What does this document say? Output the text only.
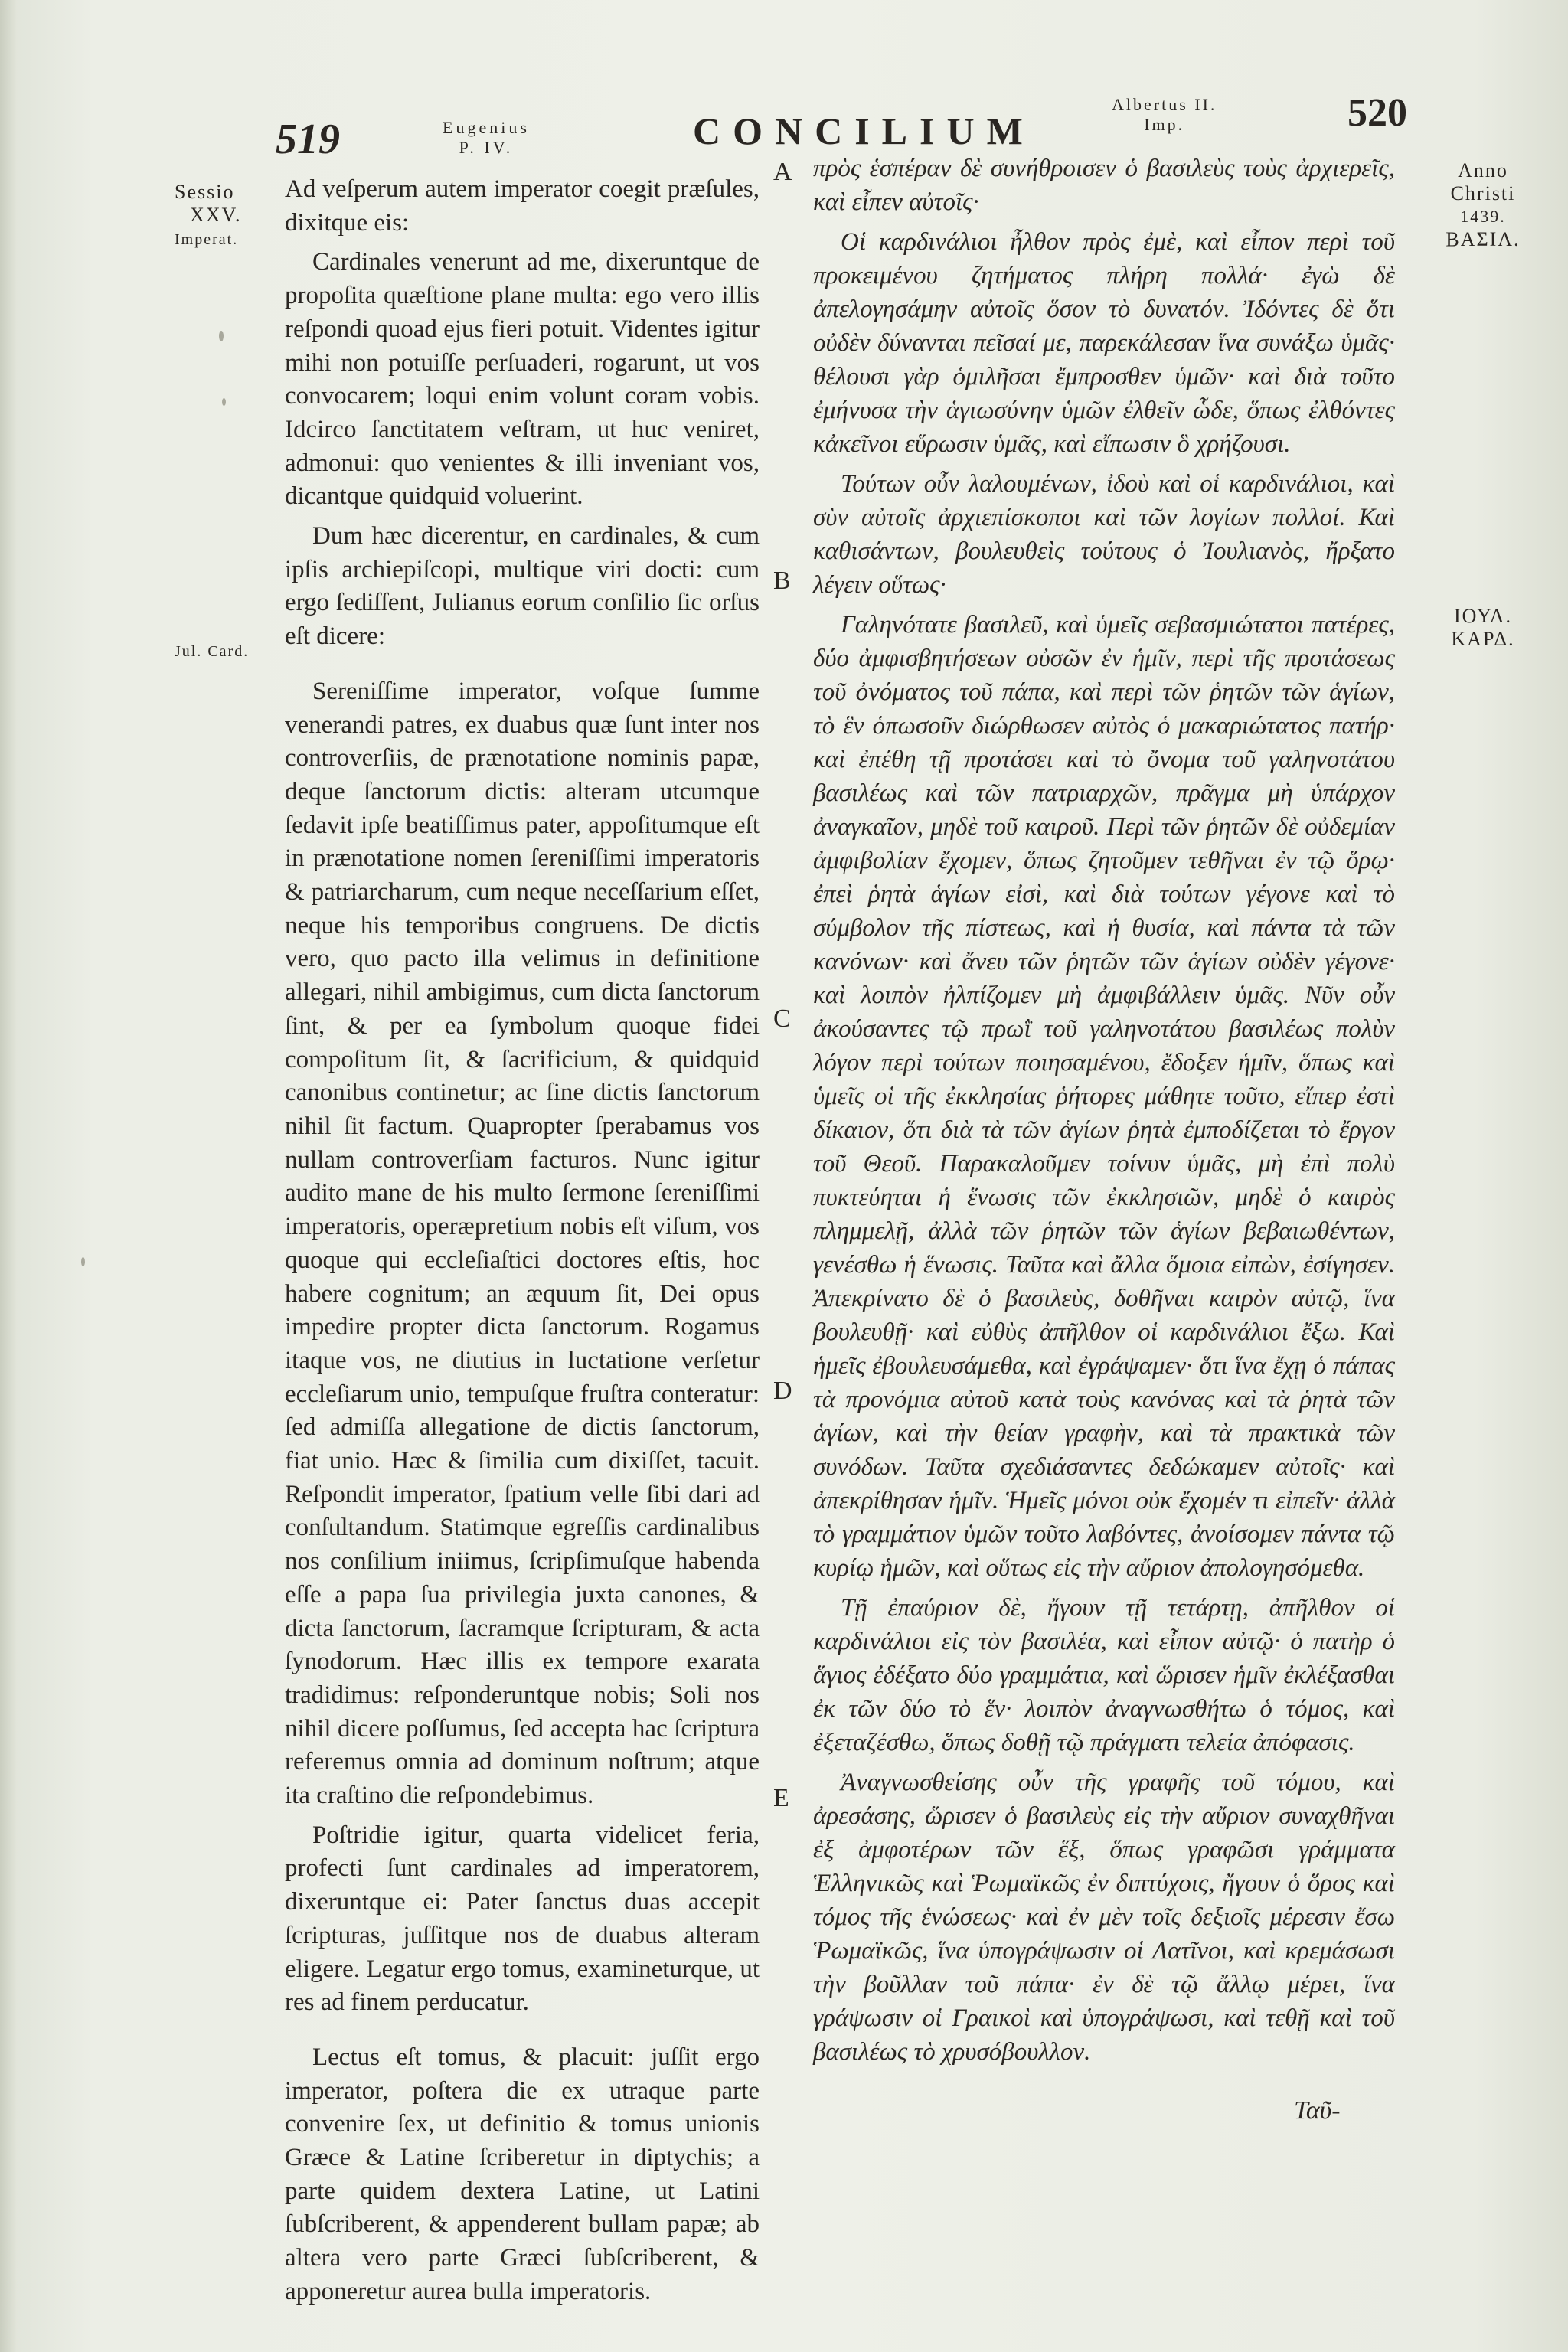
519	Eugenius
P. IV.	CONCILIUM
Albertus II.
Imp.	520
Sessio
XXV.
Imperat.
Jul. Card.
Anno
Christi
1439.
ΒΑΣΙΛ.
ΙΟΥΛ.
ΚΑΡΔ.
A
B
C
D
E

Ad veſperum autem imperator coegit præſules, dixitque eis:

Cardinales venerunt ad me, dixeruntque de propoſita quæſtione plane multa: ego vero illis reſpondi quoad ejus fieri potuit. Videntes igitur mihi non potuiſſe perſuaderi, rogarunt, ut vos convocarem; loqui enim volunt coram vobis. Idcirco ſanctitatem veſtram, ut huc veniret, admonui: quo venientes & illi inveniant vos, dicantque quidquid voluerint.

Dum hæc dicerentur, en cardinales, & cum ipſis archiepiſcopi, multique viri docti: cum ergo ſediſſent, Julianus eorum conſilio ſic orſus eſt dicere:

Sereniſſime imperator, voſque ſumme venerandi patres, ex duabus quæ ſunt inter nos controverſiis, de prænotatione nominis papæ, deque ſanctorum dictis: alteram utcumque ſedavit ipſe beatiſſimus pater, appoſitumque eſt in prænotatione nomen ſereniſſimi imperatoris & patriarcharum, cum neque neceſſarium eſſet, neque his temporibus congruens. De dictis vero, quo pacto illa velimus in definitione allegari, nihil ambigimus, cum dicta ſanctorum ſint, & per ea ſymbolum quoque fidei compoſitum ſit, & ſacrificium, & quidquid canonibus continetur; ac ſine dictis ſanctorum nihil ſit factum. Quapropter ſperabamus vos nullam controverſiam facturos. Nunc igitur audito mane de his multo ſermone ſereniſſimi imperatoris, operæpretium nobis eſt viſum, vos quoque qui eccleſiaſtici doctores eſtis, hoc habere cognitum; an æquum ſit, Dei opus impedire propter dicta ſanctorum. Rogamus itaque vos, ne diutius in luctatione verſetur eccleſiarum unio, tempuſque fruſtra conteratur: ſed admiſſa allegatione de dictis ſanctorum, fiat unio. Hæc & ſimilia cum dixiſſet, tacuit. Reſpondit imperator, ſpatium velle ſibi dari ad conſultandum. Statimque egreſſis cardinalibus nos conſilium iniimus, ſcripſimuſque habenda eſſe a papa ſua privilegia juxta canones, & dicta ſanctorum, ſacramque ſcripturam, & acta ſynodorum. Hæc illis ex tempore exarata tradidimus: reſponderuntque nobis; Soli nos nihil dicere poſſumus, ſed accepta hac ſcriptura referemus omnia ad dominum noſtrum; atque ita craſtino die reſpondebimus.

Poſtridie igitur, quarta videlicet feria, profecti ſunt cardinales ad imperatorem, dixeruntque ei: Pater ſanctus duas accepit ſcripturas, juſſitque nos de duabus alteram eligere. Legatur ergo tomus, examineturque, ut res ad finem perducatur.

Lectus eſt tomus, & placuit: juſſit ergo imperator, poſtera die ex utraque parte convenire ſex, ut definitio & tomus unionis Græce & Latine ſcriberetur in diptychis; a parte quidem dextera Latine, ut Latini ſubſcriberent, & appenderent bullam papæ; ab altera vero parte Græci ſubſcriberent, & apponeretur aurea bulla imperatoris.

πρὸς ἑσπέραν δὲ συνήθροισεν ὁ βασιλεὺς τοὺς ἀρχιερεῖς, καὶ εἶπεν αὐτοῖς·

Οἱ καρδινάλιοι ἦλθον πρὸς ἐμὲ, καὶ εἶπον περὶ τοῦ προκειμένου ζητήματος πλήρη πολλά· ἐγὼ δὲ ἀπελογησάμην αὐτοῖς ὅσον τὸ δυνατόν. Ἰδόντες δὲ ὅτι οὐδὲν δύνανται πεῖσαί με, παρεκάλεσαν ἵνα συνάξω ὑμᾶς· θέλουσι γὰρ ὁμιλῆσαι ἔμπροσθεν ὑμῶν· καὶ διὰ τοῦτο ἐμήνυσα τὴν ἁγιωσύνην ὑμῶν ἐλθεῖν ὧδε, ὅπως ἐλθόντες κἀκεῖνοι εὕρωσιν ὑμᾶς, καὶ εἴπωσιν ὃ χρήζουσι.

Τούτων οὖν λαλουμένων, ἰδοὺ καὶ οἱ καρδινάλιοι, καὶ σὺν αὐτοῖς ἀρχιεπίσκοποι καὶ τῶν λογίων πολλοί. Καὶ καθισάντων, βουλευθεὶς τούτους ὁ Ἰουλιανὸς, ἤρξατο λέγειν οὕτως·

Γαληνότατε βασιλεῦ, καὶ ὑμεῖς σεβασμιώτατοι πατέρες, δύο ἀμφισβητήσεων οὐσῶν ἐν ἡμῖν, περὶ τῆς προτάσεως τοῦ ὀνόματος τοῦ πάπα, καὶ περὶ τῶν ῥητῶν τῶν ἁγίων, τὸ ἓν ὁπωσοῦν διώρθωσεν αὐτὸς ὁ μακαριώτατος πατήρ· καὶ ἐπέθη τῇ προτάσει καὶ τὸ ὄνομα τοῦ γαληνοτάτου βασιλέως καὶ τῶν πατριαρχῶν, πρᾶγμα μὴ ὑπάρχον ἀναγκαῖον, μηδὲ τοῦ καιροῦ. Περὶ τῶν ῥητῶν δὲ οὐδεμίαν ἀμφιβολίαν ἔχομεν, ὅπως ζητοῦμεν τεθῆναι ἐν τῷ ὅρῳ· ἐπεὶ ῥητὰ ἁγίων εἰσὶ, καὶ διὰ τούτων γέγονε καὶ τὸ σύμβολον τῆς πίστεως, καὶ ἡ θυσία, καὶ πάντα τὰ τῶν κανόνων· καὶ ἄνευ τῶν ῥητῶν τῶν ἁγίων οὐδὲν γέγονε· καὶ λοιπὸν ἠλπίζομεν μὴ ἀμφιβάλλειν ὑμᾶς. Νῦν οὖν ἀκούσαντες τῷ πρωῒ τοῦ γαληνοτάτου βασιλέως πολὺν λόγον περὶ τούτων ποιησαμένου, ἔδοξεν ἡμῖν, ὅπως καὶ ὑμεῖς οἱ τῆς ἐκκλησίας ῥήτορες μάθητε τοῦτο, εἴπερ ἐστὶ δίκαιον, ὅτι διὰ τὰ τῶν ἁγίων ῥητὰ ἐμποδίζεται τὸ ἔργον τοῦ Θεοῦ. Παρακαλοῦμεν τοίνυν ὑμᾶς, μὴ ἐπὶ πολὺ πυκτεύηται ἡ ἕνωσις τῶν ἐκκλησιῶν, μηδὲ ὁ καιρὸς πλημμελῇ, ἀλλὰ τῶν ῥητῶν τῶν ἁγίων βεβαιωθέντων, γενέσθω ἡ ἕνωσις. Ταῦτα καὶ ἄλλα ὅμοια εἰπὼν, ἐσίγησεν. Ἀπεκρίνατο δὲ ὁ βασιλεὺς, δοθῆναι καιρὸν αὐτῷ, ἵνα βουλευθῇ· καὶ εὐθὺς ἀπῆλθον οἱ καρδινάλιοι ἔξω. Καὶ ἡμεῖς ἐβουλευσάμεθα, καὶ ἐγράψαμεν· ὅτι ἵνα ἔχῃ ὁ πάπας τὰ προνόμια αὐτοῦ κατὰ τοὺς κανόνας καὶ τὰ ῥητὰ τῶν ἁγίων, καὶ τὴν θείαν γραφὴν, καὶ τὰ πρακτικὰ τῶν συνόδων. Ταῦτα σχεδιάσαντες δεδώκαμεν αὐτοῖς· καὶ ἀπεκρίθησαν ἡμῖν. Ἡμεῖς μόνοι οὐκ ἔχομέν τι εἰπεῖν· ἀλλὰ τὸ γραμμάτιον ὑμῶν τοῦτο λαβόντες, ἀνοίσομεν πάντα τῷ κυρίῳ ἡμῶν, καὶ οὕτως εἰς τὴν αὔριον ἀπολογησόμεθα.

Τῇ ἐπαύριον δὲ, ἤγουν τῇ τετάρτῃ, ἀπῆλθον οἱ καρδινάλιοι εἰς τὸν βασιλέα, καὶ εἶπον αὐτῷ· ὁ πατὴρ ὁ ἅγιος ἐδέξατο δύο γραμμάτια, καὶ ὥρισεν ἡμῖν ἐκλέξασθαι ἐκ τῶν δύο τὸ ἕν· λοιπὸν ἀναγνωσθήτω ὁ τόμος, καὶ ἐξεταζέσθω, ὅπως δοθῇ τῷ πράγματι τελεία ἀπόφασις.

Ἀναγνωσθείσης οὖν τῆς γραφῆς τοῦ τόμου, καὶ ἀρεσάσης, ὥρισεν ὁ βασιλεὺς εἰς τὴν αὔριον συναχθῆναι ἐξ ἀμφοτέρων τῶν ἕξ, ὅπως γραφῶσι γράμματα Ἑλληνικῶς καὶ Ῥωμαϊκῶς ἐν διπτύχοις, ἤγουν ὁ ὅρος καὶ τόμος τῆς ἑνώσεως· καὶ ἐν μὲν τοῖς δεξιοῖς μέρεσιν ἔσω Ῥωμαϊκῶς, ἵνα ὑπογράψωσιν οἱ Λατῖνοι, καὶ κρεμάσωσι τὴν βοῦλλαν τοῦ πάπα· ἐν δὲ τῷ ἄλλῳ μέρει, ἵνα γράψωσιν οἱ Γραικοὶ καὶ ὑπογράψωσι, καὶ τεθῇ καὶ τοῦ βασιλέως τὸ χρυσόβουλλον.

Ταῦ-
